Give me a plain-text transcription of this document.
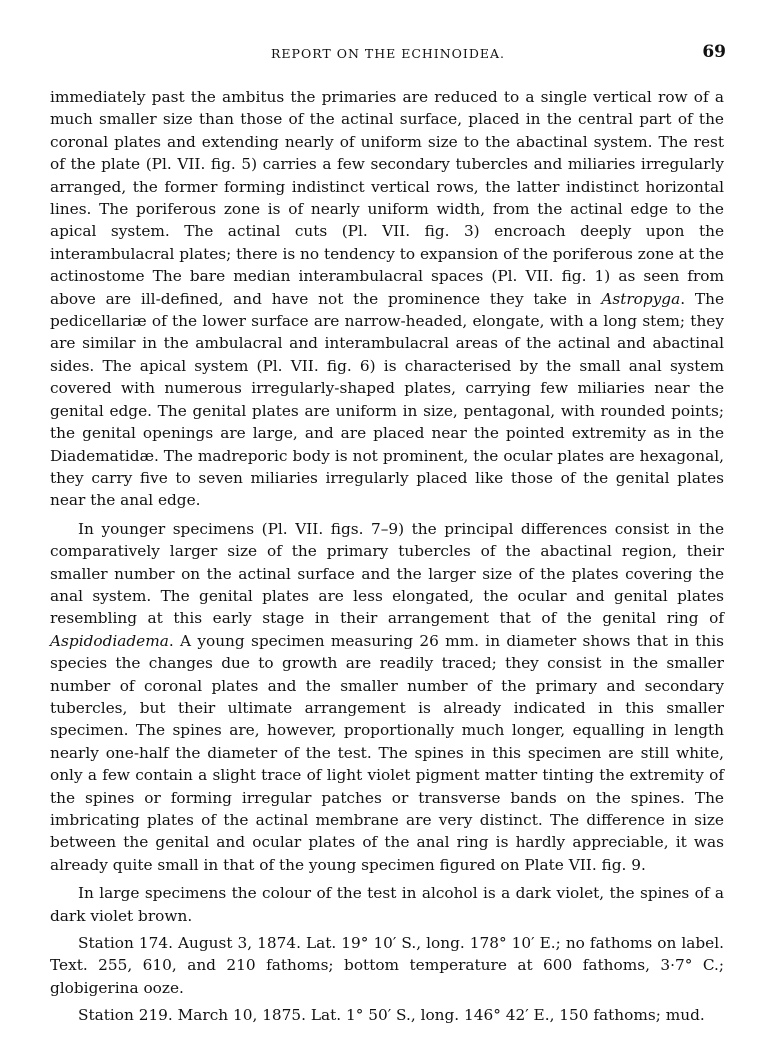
REPORT ON THE ECHINOIDEA.	69

immediately past the ambitus the primaries are reduced to a single vertical row of a much smaller size than those of the actinal surface, placed in the central part of the coronal plates and extending nearly of uniform size to the abactinal system. The rest of the plate (Pl. VII. fig. 5) carries a few secondary tubercles and miliaries irregularly arranged, the former forming indistinct vertical rows, the latter indistinct horizontal lines. The poriferous zone is of nearly uniform width, from the actinal edge to the apical system. The actinal cuts (Pl. VII. fig. 3) encroach deeply upon the interambulacral plates; there is no tendency to expansion of the poriferous zone at the actinostome The bare median interambulacral spaces (Pl. VII. fig. 1) as seen from above are ill-defined, and have not the prominence they take in Astropyga. The pedicellariæ of the lower surface are narrow-headed, elongate, with a long stem; they are similar in the ambulacral and interambulacral areas of the actinal and abactinal sides. The apical system (Pl. VII. fig. 6) is characterised by the small anal system covered with numerous irregularly-shaped plates, carrying few miliaries near the genital edge. The genital plates are uniform in size, pentagonal, with rounded points; the genital openings are large, and are placed near the pointed extremity as in the Diadematidæ. The madreporic body is not prominent, the ocular plates are hexagonal, they carry five to seven miliaries irregularly placed like those of the genital plates near the anal edge.

In younger specimens (Pl. VII. figs. 7–9) the principal differences consist in the comparatively larger size of the primary tubercles of the abactinal region, their smaller number on the actinal surface and the larger size of the plates covering the anal system. The genital plates are less elongated, the ocular and genital plates resembling at this early stage in their arrangement that of the genital ring of Aspidodiadema. A young specimen measuring 26 mm. in diameter shows that in this species the changes due to growth are readily traced; they consist in the smaller number of coronal plates and the smaller number of the primary and secondary tubercles, but their ultimate arrangement is already indicated in this smaller specimen. The spines are, however, proportionally much longer, equalling in length nearly one-half the diameter of the test. The spines in this specimen are still white, only a few contain a slight trace of light violet pigment matter tinting the extremity of the spines or forming irregular patches or transverse bands on the spines. The imbricating plates of the actinal membrane are very distinct. The difference in size between the genital and ocular plates of the anal ring is hardly appreciable, it was already quite small in that of the young specimen figured on Plate VII. fig. 9.

In large specimens the colour of the test in alcohol is a dark violet, the spines of a dark violet brown.

Station 174. August 3, 1874. Lat. 19° 10′ S., long. 178° 10′ E.; no fathoms on label. Text. 255, 610, and 210 fathoms; bottom temperature at 600 fathoms, 3·7° C.; globigerina ooze.

Station 219. March 10, 1875. Lat. 1° 50′ S., long. 146° 42′ E., 150 fathoms; mud.
